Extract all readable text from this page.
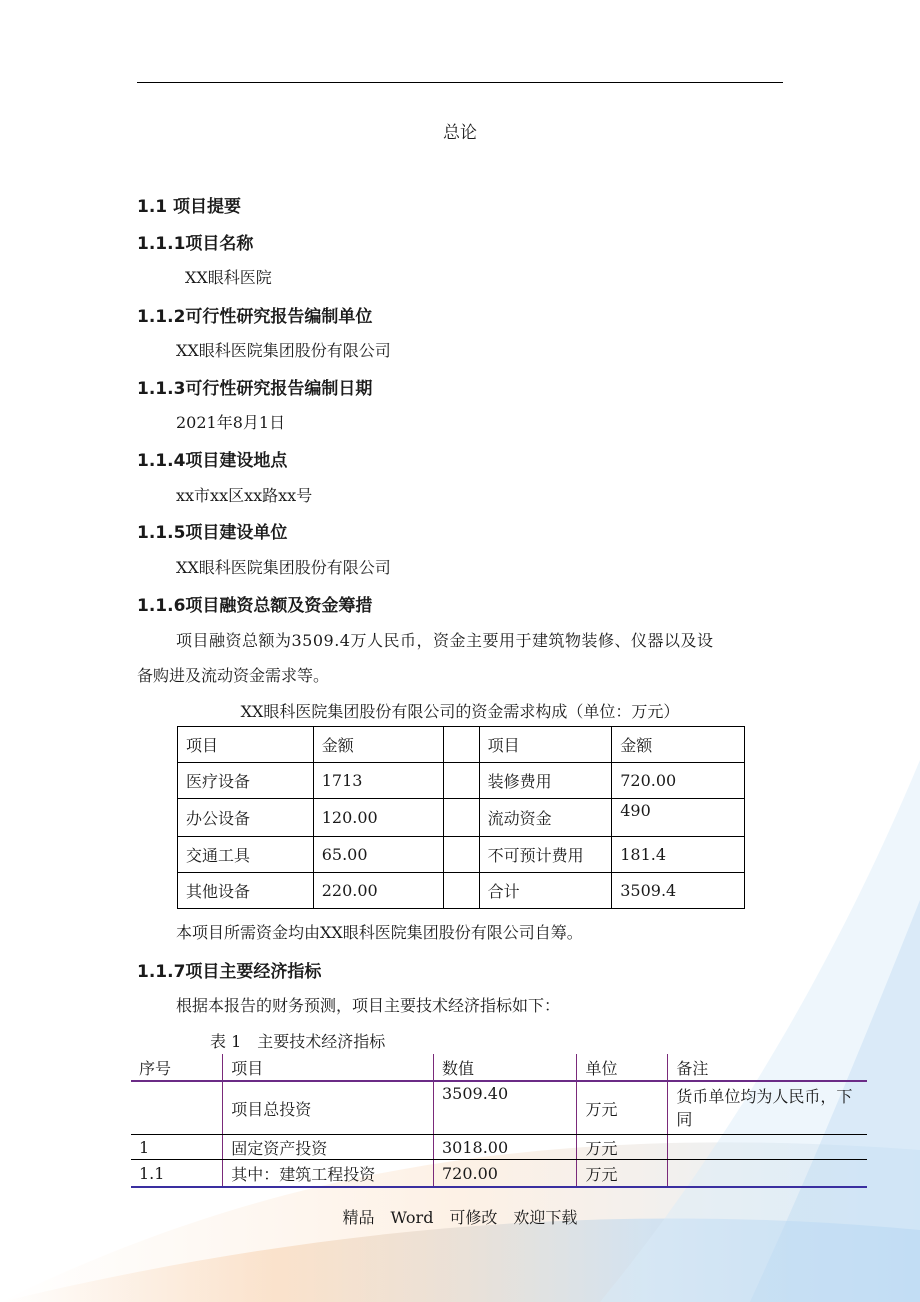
总论
1.1 项目提要
1.1.1项目名称
XX眼科医院
1.1.2可行性研究报告编制单位
XX眼科医院集团股份有限公司
1.1.3可行性研究报告编制日期
2021年8月1日
1.1.4项目建设地点
xx市xx区xx路xx号
1.1.5项目建设单位
XX眼科医院集团股份有限公司
1.1.6项目融资总额及资金筹措
项目融资总额为3509.4万人民币，资金主要用于建筑物装修、仪器以及设
备购进及流动资金需求等。
XX眼科医院集团股份有限公司的资金需求构成（单位：万元）
项目	金额		项目	金额
医疗设备	1713		装修费用	720.00
办公设备	120.00		流动资金	490
交通工具	65.00		不可预计费用	181.4
其他设备	220.00		合计	3509.4
本项目所需资金均由XX眼科医院集团股份有限公司自筹。
1.1.7项目主要经济指标
根据本报告的财务预测，项目主要技术经济指标如下：
表 1　主要技术经济指标
序号	项目	数值	单位	备注
	项目总投资	3509.40	万元	货币单位均为人民币，下同
1	固定资产投资	3018.00	万元	
1.1	其中：建筑工程投资	720.00	万元	
精品　Word　可修改　欢迎下载
